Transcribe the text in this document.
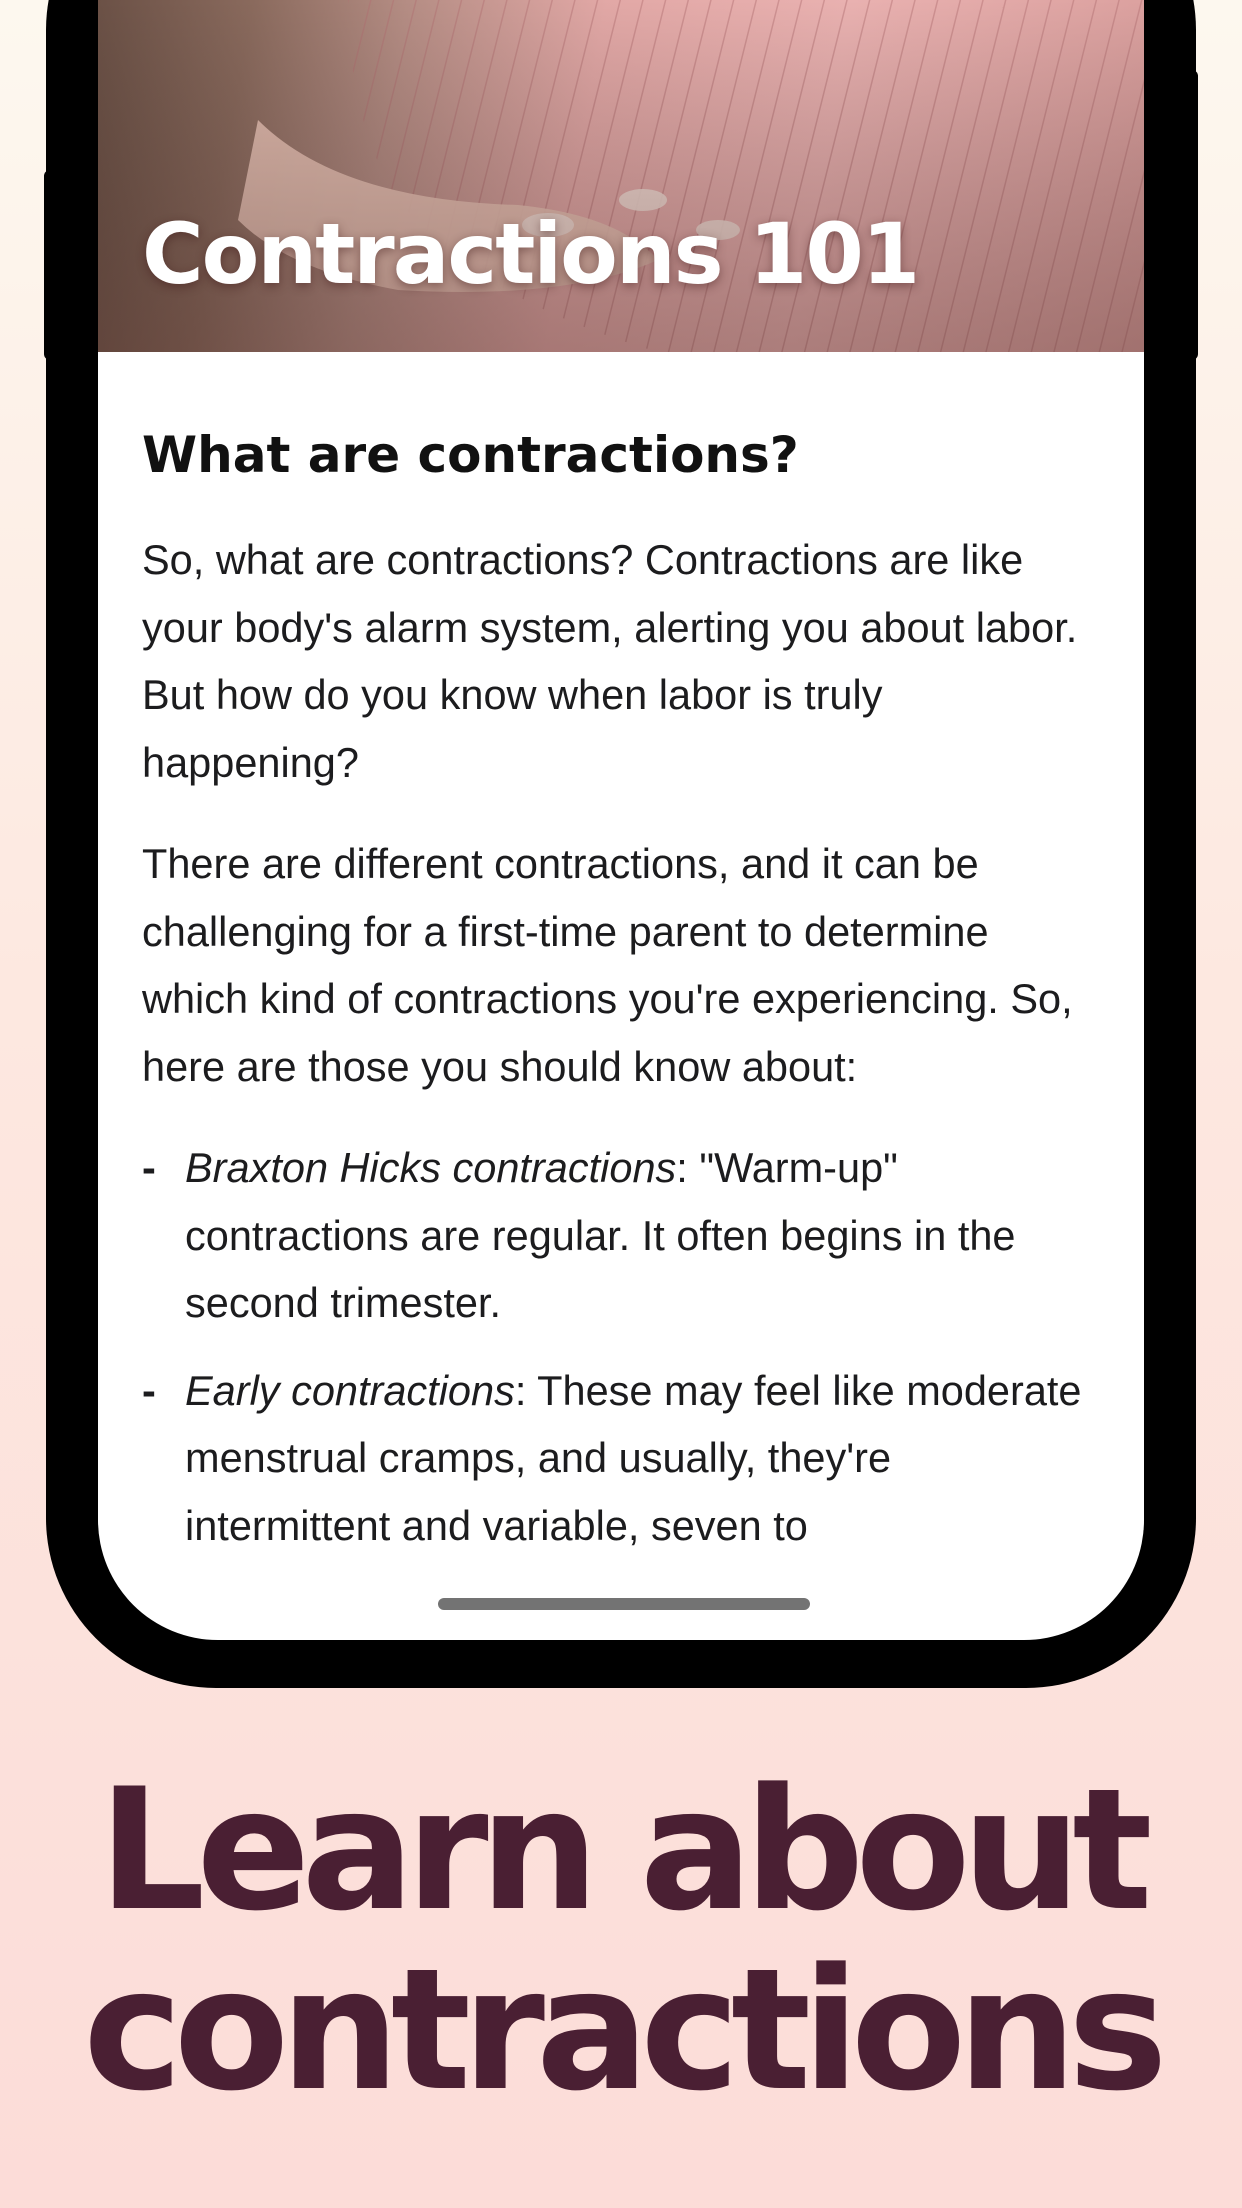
Contractions 101
What are contractions?

So, what are contractions? Contractions are like your body's alarm system, alerting you about labor. But how do you know when labor is truly happening?

There are different contractions, and it can be challenging for a first-time parent to determine which kind of contractions you're experiencing. So, here are those you should know about:

- Braxton Hicks contractions: "Warm-up" contractions are regular. It often begins in the second trimester.
- Early contractions: These may feel like moderate menstrual cramps, and usually, they're intermittent and variable, seven to
Learn about
contractions
